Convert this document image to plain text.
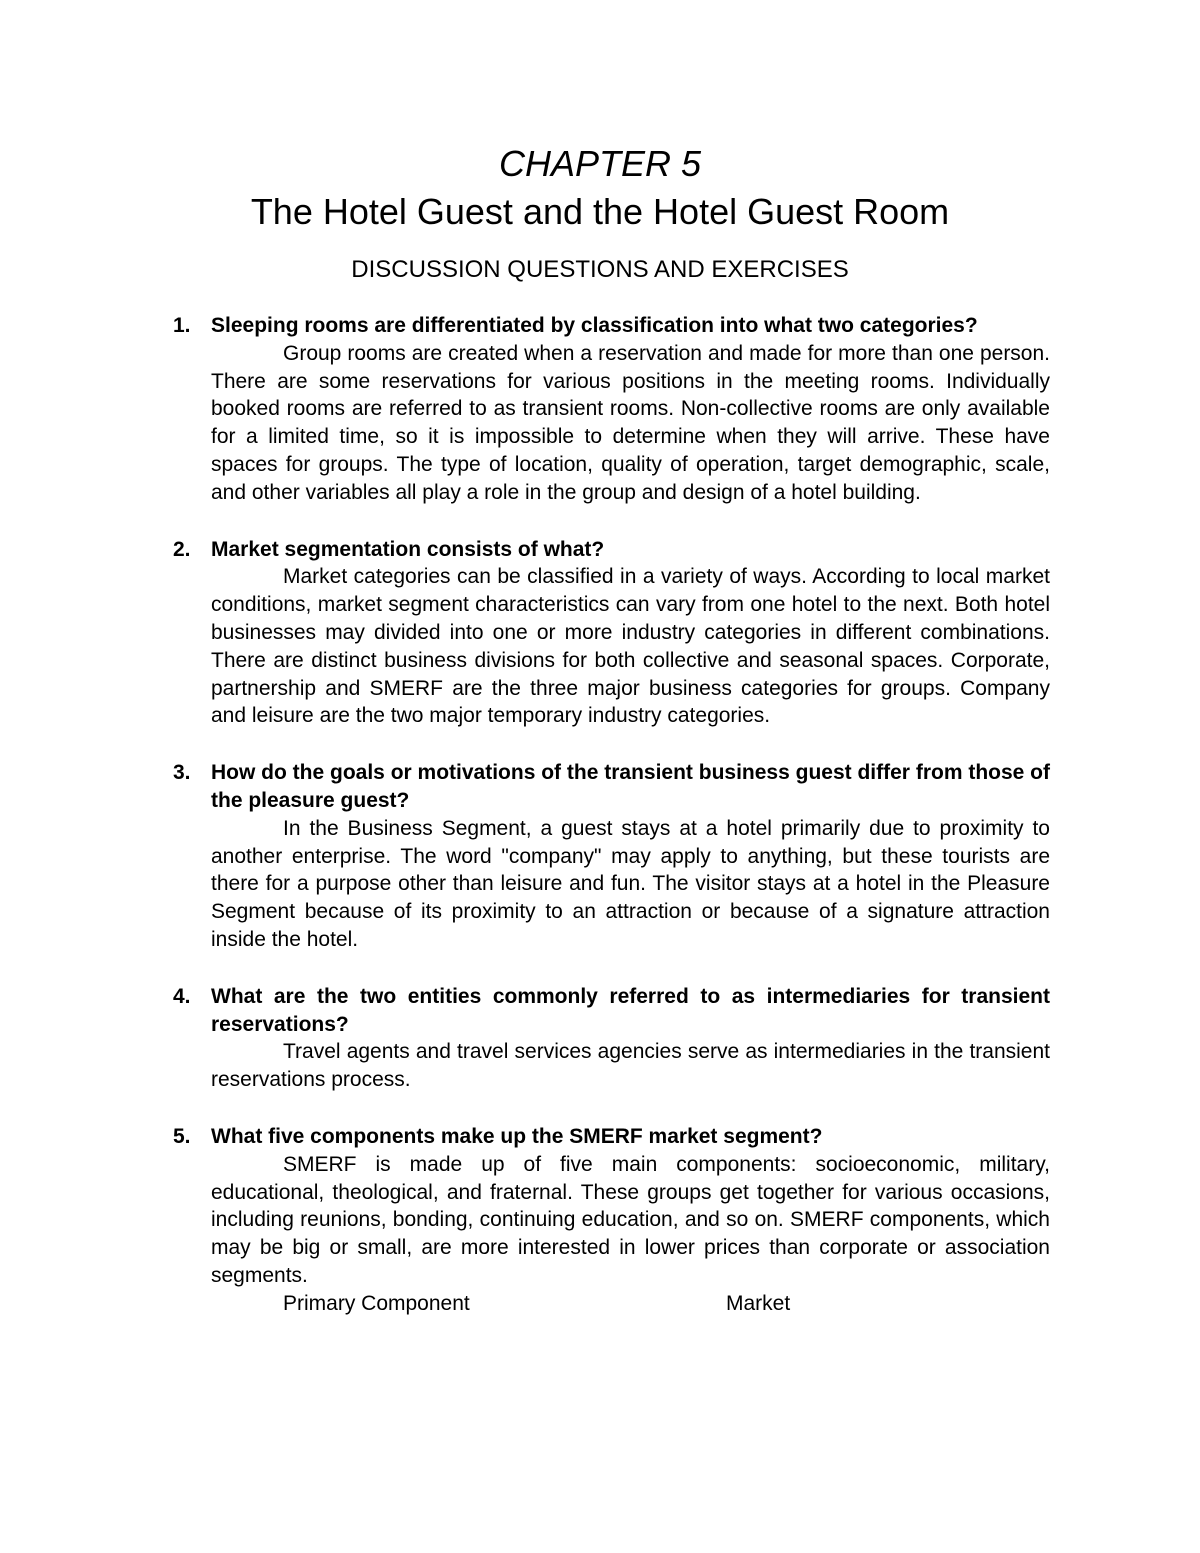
CHAPTER 5
The Hotel Guest and the Hotel Guest Room
DISCUSSION QUESTIONS AND EXERCISES
1. Sleeping rooms are differentiated by classification into what two categories?
Group rooms are created when a reservation and made for more than one person. There are some reservations for various positions in the meeting rooms. Individually booked rooms are referred to as transient rooms. Non-collective rooms are only available for a limited time, so it is impossible to determine when they will arrive. These have spaces for groups. The type of location, quality of operation, target demographic, scale, and other variables all play a role in the group and design of a hotel building.
2. Market segmentation consists of what?
Market categories can be classified in a variety of ways. According to local market conditions, market segment characteristics can vary from one hotel to the next. Both hotel businesses may divided into one or more industry categories in different combinations. There are distinct business divisions for both collective and seasonal spaces. Corporate, partnership and SMERF are the three major business categories for groups. Company and leisure are the two major temporary industry categories.
3. How do the goals or motivations of the transient business guest differ from those of the pleasure guest?
In the Business Segment, a guest stays at a hotel primarily due to proximity to another enterprise. The word "company" may apply to anything, but these tourists are there for a purpose other than leisure and fun. The visitor stays at a hotel in the Pleasure Segment because of its proximity to an attraction or because of a signature attraction inside the hotel.
4. What are the two entities commonly referred to as intermediaries for transient reservations?
Travel agents and travel services agencies serve as intermediaries in the transient reservations process.
5. What five components make up the SMERF market segment?
SMERF is made up of five main components: socioeconomic, military, educational, theological, and fraternal. These groups get together for various occasions, including reunions, bonding, continuing education, and so on. SMERF components, which may be big or small, are more interested in lower prices than corporate or association segments.
Primary Component	Market
